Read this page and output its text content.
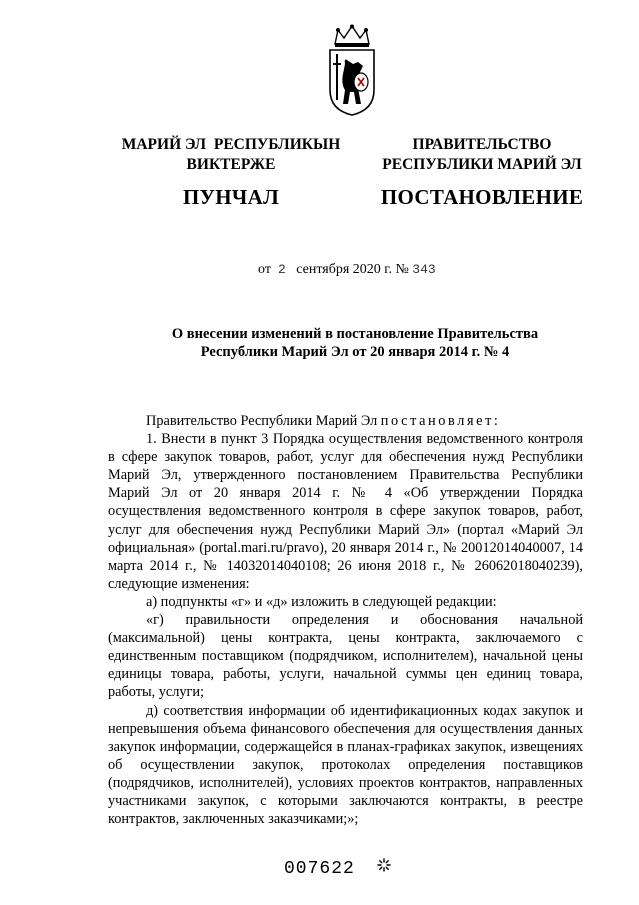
МАРИЙ ЭЛ  РЕСПУБЛИКЫН
ВИКТЕРЖЕ
ПУНЧАЛ
ПРАВИТЕЛЬСТВО
РЕСПУБЛИКИ МАРИЙ ЭЛ
ПОСТАНОВЛЕНИЕ
от 2 сентября 2020 г. № 343
О внесении изменений в постановление Правительства
Республики Марий Эл от 20 января 2014 г. № 4

Правительство Республики Марий Эл постановляет:

1. Внести в пункт 3 Порядка осуществления ведомственного контроля в сфере закупок товаров, работ, услуг для обеспечения нужд Республики Марий Эл, утвержденного постановлением Правительства Республики Марий Эл от 20 января 2014 г. № 4 «Об утверждении Порядка осуществления ведомственного контроля в сфере закупок товаров, работ, услуг для обеспечения нужд Республики Марий Эл» (портал «Марий Эл официальная» (portal.mari.ru/pravo), 20 января 2014 г., № 20012014040007, 14 марта 2014 г., № 14032014040108; 26 июня 2018 г., № 26062018040239), следующие изменения:

а) подпункты «г» и «д» изложить в следующей редакции:

«г) правильности определения и обоснования начальной (максимальной) цены контракта, цены контракта, заключаемого с единственным поставщиком (подрядчиком, исполнителем), начальной цены единицы товара, работы, услуги, начальной суммы цен единиц товара, работы, услуги;

д) соответствия информации об идентификационных кодах закупок и непревышения объема финансового обеспечения для осуществления данных закупок информации, содержащейся в планах-графиках закупок, извещениях об осуществлении закупок, протоколах определения поставщиков (подрядчиков, исполнителей), условиях проектов контрактов, направленных участниками закупок, с которыми заключаются контракты, в реестре контрактов, заключенных заказчиками;»;

007622
